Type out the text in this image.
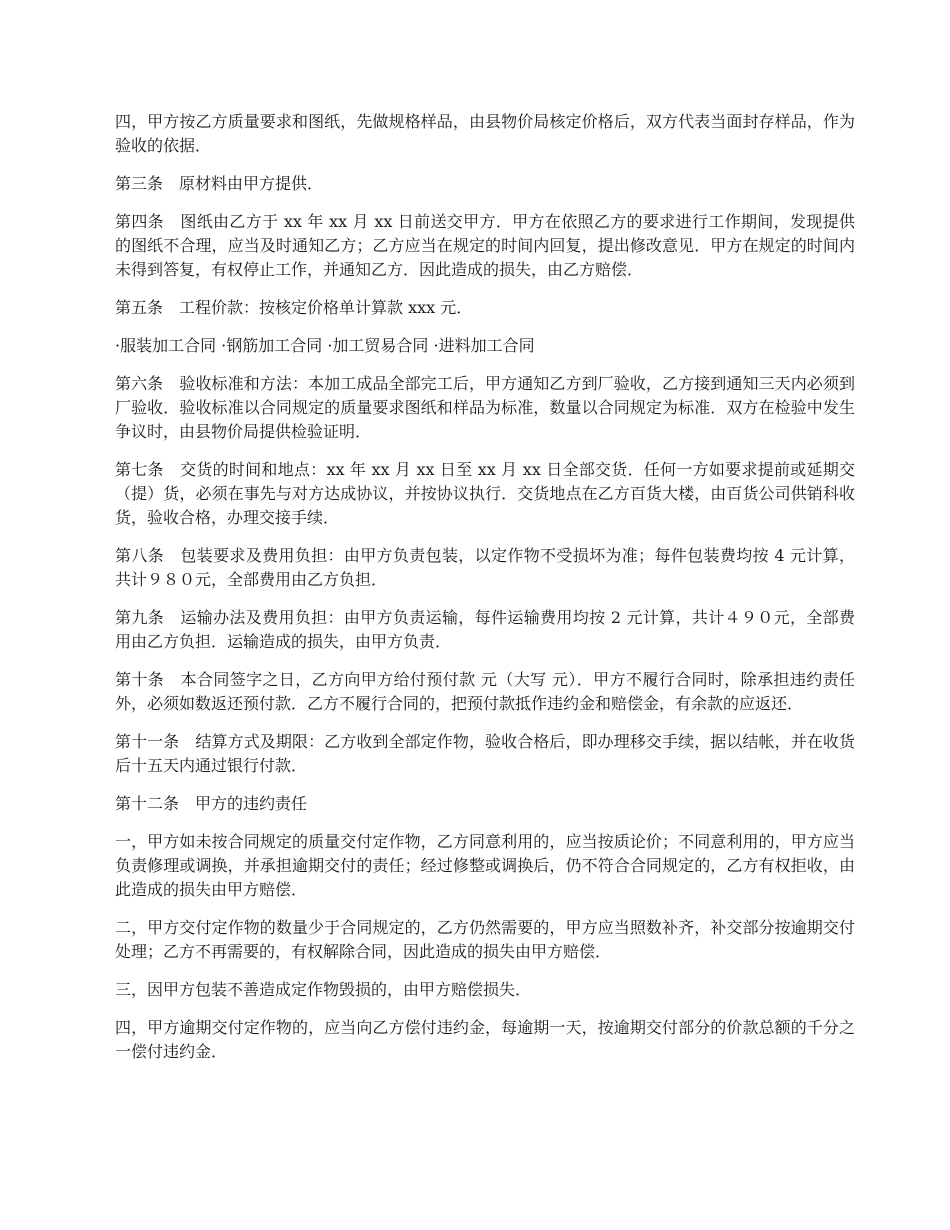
四，甲方按乙方质量要求和图纸，先做规格样品，由县物价局核定价格后，双方代表当面封存样品，作为验收的依据．

第三条　原材料由甲方提供．

第四条　图纸由乙方于 xx 年 xx 月 xx 日前送交甲方．甲方在依照乙方的要求进行工作期间，发现提供的图纸不合理，应当及时通知乙方；乙方应当在规定的时间内回复，提出修改意见．甲方在规定的时间内未得到答复，有权停止工作，并通知乙方．因此造成的损失，由乙方赔偿．

第五条　工程价款：按核定价格单计算款 xxx 元．

·服装加工合同 ·钢筋加工合同 ·加工贸易合同 ·进料加工合同

第六条　验收标准和方法：本加工成品全部完工后，甲方通知乙方到厂验收，乙方接到通知三天内必须到厂验收．验收标准以合同规定的质量要求图纸和样品为标准，数量以合同规定为标准．双方在检验中发生争议时，由县物价局提供检验证明．

第七条　交货的时间和地点：xx 年 xx 月 xx 日至 xx 月 xx 日全部交货．任何一方如要求提前或延期交（提）货，必须在事先与对方达成协议，并按协议执行．交货地点在乙方百货大楼，由百货公司供销科收货，验收合格，办理交接手续．

第八条　包装要求及费用负担：由甲方负责包装，以定作物不受损坏为准；每件包装费均按 4 元计算，共计９８０元，全部费用由乙方负担．

第九条　运输办法及费用负担：由甲方负责运输，每件运输费用均按 2 元计算，共计４９０元，全部费用由乙方负担．运输造成的损失，由甲方负责．

第十条　本合同签字之日，乙方向甲方给付预付款 元（大写 元）．甲方不履行合同时，除承担违约责任外，必须如数返还预付款．乙方不履行合同的，把预付款抵作违约金和赔偿金，有余款的应返还．

第十一条　结算方式及期限：乙方收到全部定作物，验收合格后，即办理移交手续，据以结帐，并在收货后十五天内通过银行付款．

第十二条　甲方的违约责任

一，甲方如未按合同规定的质量交付定作物，乙方同意利用的，应当按质论价；不同意利用的，甲方应当负责修理或调换，并承担逾期交付的责任；经过修整或调换后，仍不符合合同规定的，乙方有权拒收，由此造成的损失由甲方赔偿．

二，甲方交付定作物的数量少于合同规定的，乙方仍然需要的，甲方应当照数补齐，补交部分按逾期交付处理；乙方不再需要的，有权解除合同，因此造成的损失由甲方赔偿．

三，因甲方包装不善造成定作物毁损的，由甲方赔偿损失．

四，甲方逾期交付定作物的，应当向乙方偿付违约金，每逾期一天，按逾期交付部分的价款总额的千分之一偿付违约金．
